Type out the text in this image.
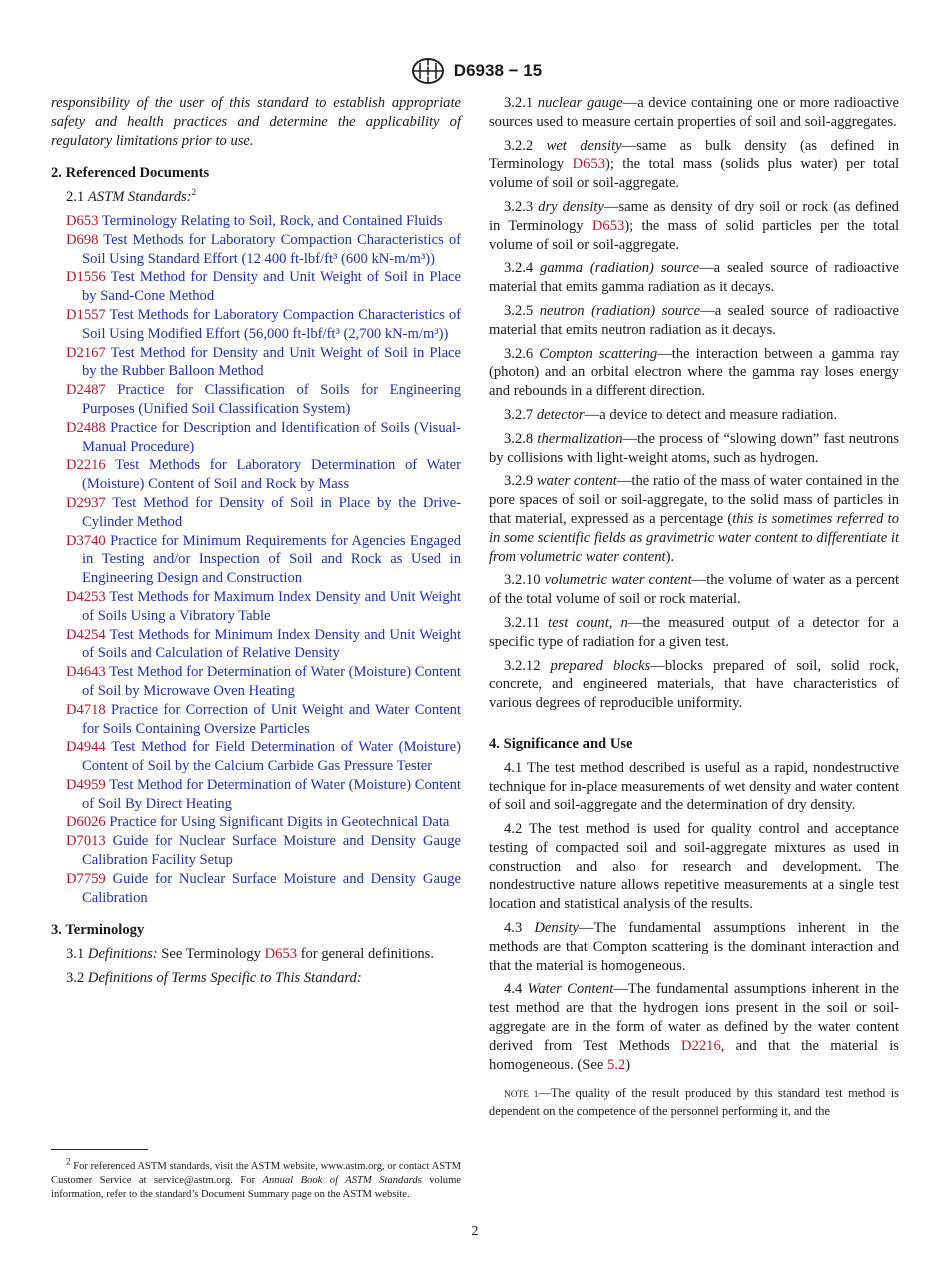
D6938 − 15

responsibility of the user of this standard to establish appropriate safety and health practices and determine the applicability of regulatory limitations prior to use.

2. Referenced Documents

2.1 ASTM Standards:$^2$

D653 Terminology Relating to Soil, Rock, and Contained Fluids

D698 Test Methods for Laboratory Compaction Characteristics of Soil Using Standard Effort (12 400 ft-lbf/ft³ (600 kN-m/m³))

D1556 Test Method for Density and Unit Weight of Soil in Place by Sand-Cone Method

D1557 Test Methods for Laboratory Compaction Characteristics of Soil Using Modified Effort (56,000 ft-lbf/ft³ (2,700 kN-m/m³))

D2167 Test Method for Density and Unit Weight of Soil in Place by the Rubber Balloon Method

D2487 Practice for Classification of Soils for Engineering Purposes (Unified Soil Classification System)

D2488 Practice for Description and Identification of Soils (Visual-Manual Procedure)

D2216 Test Methods for Laboratory Determination of Water (Moisture) Content of Soil and Rock by Mass

D2937 Test Method for Density of Soil in Place by the Drive-Cylinder Method

D3740 Practice for Minimum Requirements for Agencies Engaged in Testing and/or Inspection of Soil and Rock as Used in Engineering Design and Construction

D4253 Test Methods for Maximum Index Density and Unit Weight of Soils Using a Vibratory Table

D4254 Test Methods for Minimum Index Density and Unit Weight of Soils and Calculation of Relative Density

D4643 Test Method for Determination of Water (Moisture) Content of Soil by Microwave Oven Heating

D4718 Practice for Correction of Unit Weight and Water Content for Soils Containing Oversize Particles

D4944 Test Method for Field Determination of Water (Moisture) Content of Soil by the Calcium Carbide Gas Pressure Tester

D4959 Test Method for Determination of Water (Moisture) Content of Soil By Direct Heating

D6026 Practice for Using Significant Digits in Geotechnical Data

D7013 Guide for Nuclear Surface Moisture and Density Gauge Calibration Facility Setup

D7759 Guide for Nuclear Surface Moisture and Density Gauge Calibration

3. Terminology

3.1 Definitions: See Terminology D653 for general definitions.

3.2 Definitions of Terms Specific to This Standard:

$^2$ For referenced ASTM standards, visit the ASTM website, www.astm.org, or contact ASTM Customer Service at service@astm.org. For Annual Book of ASTM Standards volume information, refer to the standard’s Document Summary page on the ASTM website.

3.2.1 nuclear gauge—a device containing one or more radioactive sources used to measure certain properties of soil and soil-aggregates.

3.2.2 wet density—same as bulk density (as defined in Terminology D653); the total mass (solids plus water) per total volume of soil or soil-aggregate.

3.2.3 dry density—same as density of dry soil or rock (as defined in Terminology D653); the mass of solid particles per the total volume of soil or soil-aggregate.

3.2.4 gamma (radiation) source—a sealed source of radioactive material that emits gamma radiation as it decays.

3.2.5 neutron (radiation) source—a sealed source of radioactive material that emits neutron radiation as it decays.

3.2.6 Compton scattering—the interaction between a gamma ray (photon) and an orbital electron where the gamma ray loses energy and rebounds in a different direction.

3.2.7 detector—a device to detect and measure radiation.

3.2.8 thermalization—the process of “slowing down” fast neutrons by collisions with light-weight atoms, such as hydrogen.

3.2.9 water content—the ratio of the mass of water contained in the pore spaces of soil or soil-aggregate, to the solid mass of particles in that material, expressed as a percentage (this is sometimes referred to in some scientific fields as gravimetric water content to differentiate it from volumetric water content).

3.2.10 volumetric water content—the volume of water as a percent of the total volume of soil or rock material.

3.2.11 test count, n—the measured output of a detector for a specific type of radiation for a given test.

3.2.12 prepared blocks—blocks prepared of soil, solid rock, concrete, and engineered materials, that have characteristics of various degrees of reproducible uniformity.

4. Significance and Use

4.1 The test method described is useful as a rapid, nondestructive technique for in-place measurements of wet density and water content of soil and soil-aggregate and the determination of dry density.

4.2 The test method is used for quality control and acceptance testing of compacted soil and soil-aggregate mixtures as used in construction and also for research and development. The nondestructive nature allows repetitive measurements at a single test location and statistical analysis of the results.

4.3 Density—The fundamental assumptions inherent in the methods are that Compton scattering is the dominant interaction and that the material is homogeneous.

4.4 Water Content—The fundamental assumptions inherent in the test method are that the hydrogen ions present in the soil or soil-aggregate are in the form of water as defined by the water content derived from Test Methods D2216, and that the material is homogeneous. (See 5.2)

NOTE 1—The quality of the result produced by this standard test method is dependent on the competence of the personnel performing it, and the

2
